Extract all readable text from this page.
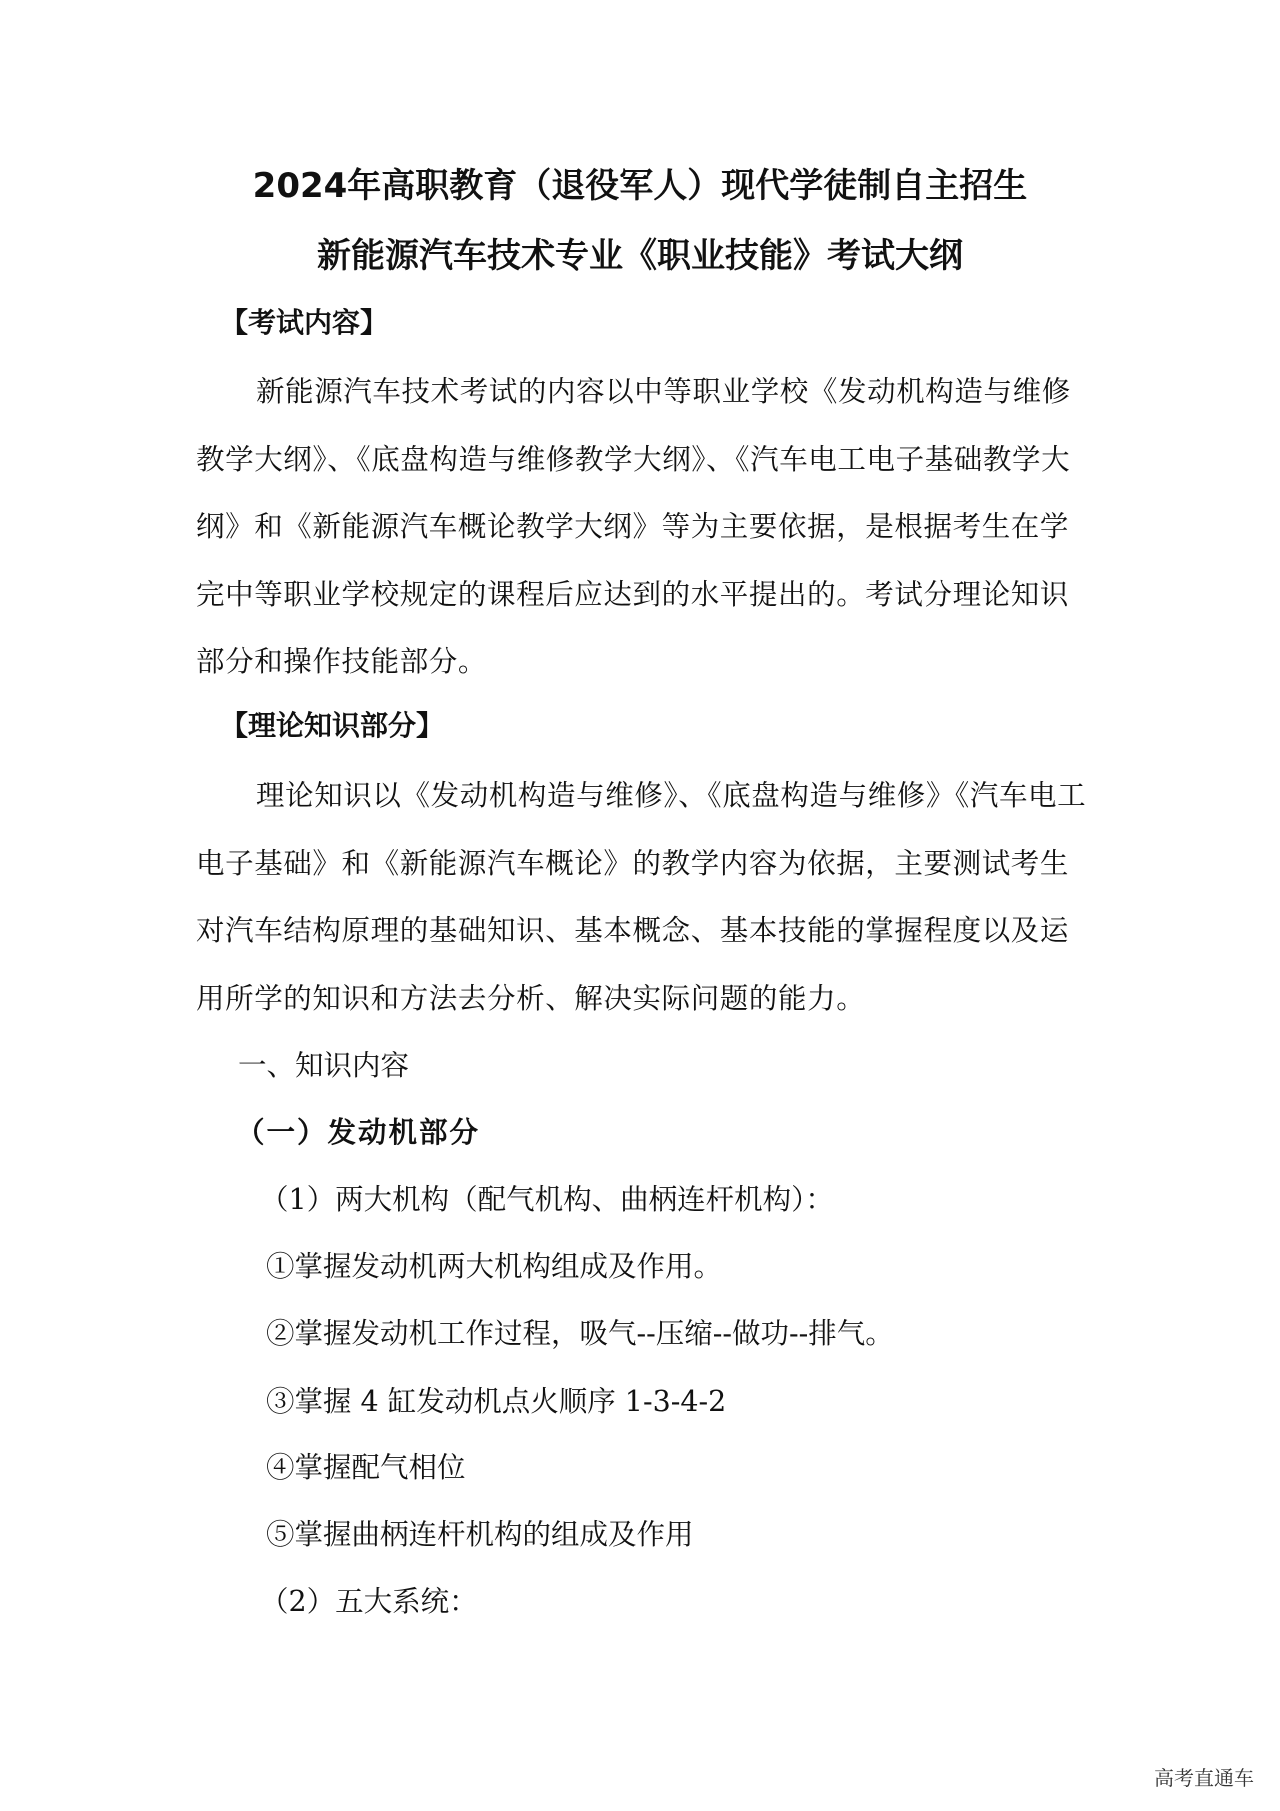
2024年高职教育（退役军人）现代学徒制自主招生
新能源汽车技术专业《职业技能》考试大纲
【考试内容】
新能源汽车技术考试的内容以中等职业学校《发动机构造与维修教学大纲》、《底盘构造与维修教学大纲》、《汽车电工电子基础教学大纲》和《新能源汽车概论教学大纲》等为主要依据，是根据考生在学完中等职业学校规定的课程后应达到的水平提出的。考试分理论知识部分和操作技能部分。
【理论知识部分】
理论知识以《发动机构造与维修》、《底盘构造与维修》《汽车电工电子基础》和《新能源汽车概论》的教学内容为依据，主要测试考生对汽车结构原理的基础知识、基本概念、基本技能的掌握程度以及运用所学的知识和方法去分析、解决实际问题的能力。
一、知识内容
（一）发动机部分
（1）两大机构（配气机构、曲柄连杆机构）：
①掌握发动机两大机构组成及作用。
②掌握发动机工作过程，吸气--压缩--做功--排气。
③掌握 4 缸发动机点火顺序 1-3-4-2
④掌握配气相位
⑤掌握曲柄连杆机构的组成及作用
（2）五大系统：
高考直通车
